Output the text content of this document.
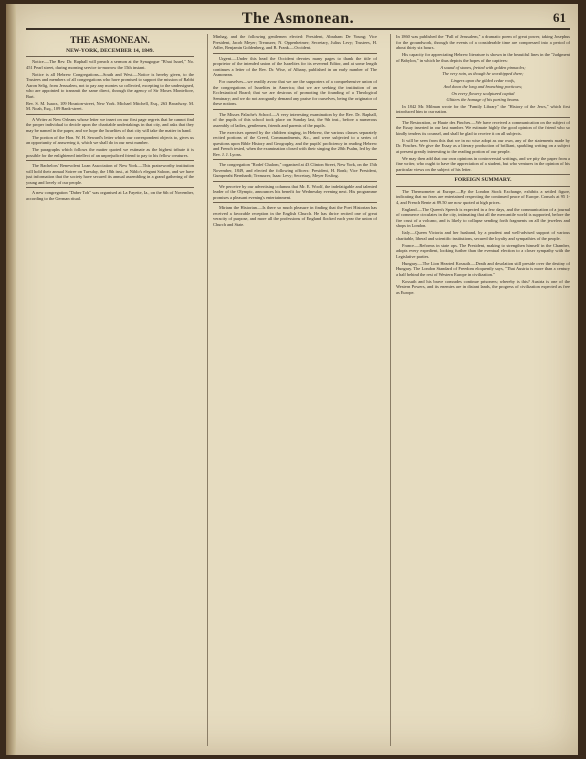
The Asmonean.	61
THE ASMONEAN.
NEW-YORK, DECEMBER 14, 1849.

Notice.—The Rev. Dr. Raphall will preach a sermon at the Synagogue "B'nai Israel," No. 451 Pearl street, during morning service to-morrow the 15th instant.

Notice is all Hebrew Congregations—South and West.—Notice is hereby given, to the Trustees and members of all congregations who have promised to support the mission of Rabbi Aaron Selig, from Jerusalem, not to pay any monies so collected, excepting to the undersigned, who are appointed to transmit the same direct, through the agency of Sir Moses Montefiore, Bart.

Rev. S. M. Isaacs, 109 Houston-street, New York. Michael Mitchell, Esq., 263 Broadway. M. M. Noah, Esq., 109 Bank-street.

A Writer at New Orleans whose letter we insert on our first page regrets that he cannot find the proper individual to decide upon the charitable undertakings in that city, and asks that they may be named in the paper, and we hope the Israelites of that city will take the matter in hand.

The portion of the Hon. W. H. Seward's letter which our correspondent objects to, gives us an opportunity of answering it, which we shall do in our next number.

The paragraphs which follows the matter quoted we estimate as the highest tribute it is possible for the enlightened intellect of an unprejudiced friend to pay to his fellow creatures.

The Bachelors' Benevolent Loan Association of New York.—This praiseworthy institution will hold their annual Soiree on Tuesday, the 18th inst., at Niblo's elegant Saloon, and we have just information that the society have secured its annual assembling in a grand gathering of the young and lovely of our people.

A new congregation "Daber Tob" was organised at La Fayette, Ia., on the 6th of November, according to the German ritual.

Minhag, and the following gentlemen elected: President, Abraham De Young; Vice President, Jacob Meyer; Treasurer, N. Oppenheimer; Secretary, Julius Levy; Trustees, H. Adler, Benjamin Goldenberg, and B. Frank.—Occident.

Urgent.—Under this head the Occident devotes many pages to thank the title of proprietor of the intended union of the Israelites for its reverend Editor, and at some length continues a letter of the Rev. Dr. Wise, of Albany, published in an early number of The Asmonean.

For ourselves—we readily avow that we are the supporters of a comprehensive union of the congregations of Israelites in America; that we are seeking the institution of an Ecclesiastical Board; that we are desirous of promoting the founding of a Theological Seminary; and we do not arrogantly demand any praise for ourselves, being the originator of these notions.

The Misses Palache's School.—A very interesting examination by the Rev. Dr. Raphall, of the pupils of this school took place on Sunday last, the 9th inst., before a numerous assembly of ladies, gentlemen, friends and parents of the pupils.

The exercises opened by the children singing, in Hebrew, the various classes separately recited portions of the Creed, Commandments, &c., and were subjected to a series of questions upon Bible History and Geography, and the pupils' proficiency in reading Hebrew and French tested, when the examination closed with their singing the 20th Psalm, led by the Rev. J. J. Lyons.

The congregation "Rodef Chalom," organised at 43 Clinton Street, New York, on the 15th November, 1849, and elected the following officers: President, H. Bonk; Vice President, Gumpreaht Bernhardt; Treasurer, Isaac Levy; Secretary, Meyer Ersfing.

We perceive by our advertising columns that Mr. E. Woolf, the indefatigable and talented leader of the Olympic, announces his benefit for Wednesday evening next. His programme promises a pleasant evening's entertainment.

Miriam the Historian.—Is there so much pleasure in finding that the Poet Historian has received a favorable reception in the English Church. He has thrice recited one of great veracity of purpose, and more all the professions of England flocked each year the union of Church and State.

In 1860 was published the "Fall of Jerusalem," a dramatic poem of great power, taking Josephus for the groundwork, through the events of a considerable time are compressed into a period of about thirty six hours.

His capacity for appreciating Hebrew literature is shown in the beautiful lines in the "Judgment of Babylon," in which he thus depicts the hopes of the captives:

A sound of stones, fretted with golden pinnacles;
The very rain, as though he worshipped there;
Lingers upon the gilded cedar roofs,
And down the long and branching porticoes;
On every flowery sculptured capital
Glitters the homage of his parting beams.

In 1842 Mr. Milman wrote for the "Family Library" the "History of the Jews," which first introduced him to our nation.

The Restoration, or Haute des Finches.—We have received a communication on the subject of the Essay inserted in our last number. We estimate highly the good opinion of the friend who so kindly tenders its counsel, and shall be glad to receive it on all subjects.

It will be seen from this that we in no wise adopt as our own, any of the statements made by Dr. Finches. We give the Essay as a literary production of brilliant, sparkling writing on a subject at present greatly interesting to the reading portion of our people.

We may then add that our own opinions in controversial writings, and we pity the paper from a fine writer, who ought to have the appreciation of a student, but who ventures in the opinion of his particular views on the subject of his letter.

FOREIGN SUMMARY.

The Thermometer at Europe.—By the London Stock Exchange, exhibits a settled figure, indicating that no fears are entertained respecting the continued peace of Europe. Consols at 95 1-4, and French Rente at 89.50 are now quoted at high prices.

England.—The Queen's Speech is expected in a few days, and the communication of a journal of commerce circulates in the city, intimating that all the mercantile world is supported, before the fire crust of a volcano, and is likely to collapse sending forth fragments on all the jewelers and shops in London.

Italy.—Queen Victoria and her husband, by a prudent and well-advised support of various charitable, liberal and scientific institutions, secured the loyalty and sympathies of the people.

France.—Reforms in state ops. The President, making to strengthen himself in the Chamber, adopts every expedient, looking further than the eventual election to a closer sympathy with the Legislative parties.

Hungary.—The Lion Hearted Kossuth.—Death and desolation still preside over the destiny of Hungary. The London Standard of Freedom eloquently says, "That Austria is more than a century a half behind the rest of Western Europe in civilization."

Kossuth and his brave comrades continue prisoners; whereby is this? Austria is one of the Western Powers, and its enemies are in distant lands, the progress of civilization expected as free as Europe.
